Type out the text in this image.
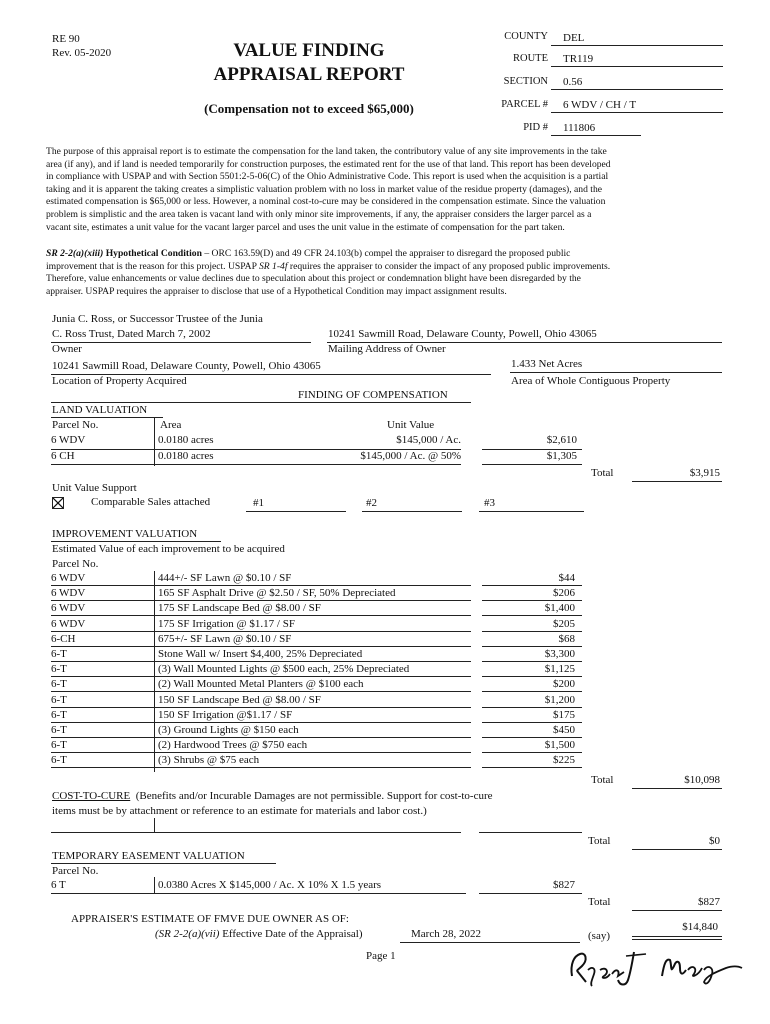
RE 90
Rev. 05-2020	VALUE FINDING
APPRAISAL REPORT
(Compensation not to exceed $65,000)
COUNTY	DEL
ROUTE	TR119
SECTION	0.56
PARCEL #	6 WDV / CH / T
PID #	111806
The purpose of this appraisal report is to estimate the compensation for the land taken, the contributory value of any site improvements in the take
area (if any), and if land is needed temporarily for construction purposes, the estimated rent for the use of that land. This report has been developed
in compliance with USPAP and with Section 5501:2-5-06(C) of the Ohio Administrative Code. This report is used when the acquisition is a partial
taking and it is apparent the taking creates a simplistic valuation problem with no loss in market value of the residue property (damages), and the
estimated compensation is $65,000 or less. However, a nominal cost-to-cure may be considered in the compensation estimate. Since the valuation
problem is simplistic and the area taken is vacant land with only minor site improvements, if any, the appraiser considers the larger parcel as a
vacant site, estimates a unit value for the vacant larger parcel and uses the unit value in the estimate of compensation for the part taken.
SR 2-2(a)(xiii) Hypothetical Condition – ORC 163.59(D) and 49 CFR 24.103(b) compel the appraiser to disregard the proposed public
improvement that is the reason for this project. USPAP SR 1-4f requires the appraiser to consider the impact of any proposed public improvements.
Therefore, value enhancements or value declines due to speculation about this project or condemnation blight have been disregarded by the
appraiser. USPAP requires the appraiser to disclose that use of a Hypothetical Condition may impact assignment results.
Junia C. Ross, or Successor Trustee of the Junia
C. Ross Trust, Dated March 7, 2002
Owner
10241 Sawmill Road, Delaware County, Powell, Ohio 43065
Mailing Address of Owner
10241 Sawmill Road, Delaware County, Powell, Ohio 43065
Location of Property Acquired
1.433 Net Acres
Area of Whole Contiguous Property
FINDING OF COMPENSATION
LAND VALUATION
Parcel No.	Area	Unit Value
6 WDV	0.0180 acres	$145,000 / Ac.	$2,610
6 CH	0.0180 acres	$145,000 / Ac. @ 50%	$1,305
Total	$3,915
Unit Value Support
Comparable Sales attached	#1	#2	#3
IMPROVEMENT VALUATION
Estimated Value of each improvement to be acquired
Parcel No.
6 WDV	444+/- SF Lawn @ $0.10 / SF	$44
6 WDV	165 SF Asphalt Drive @ $2.50 / SF, 50% Depreciated	$206
6 WDV	175 SF Landscape Bed @ $8.00 / SF	$1,400
6 WDV	175 SF Irrigation @ $1.17 / SF	$205
6-CH	675+/- SF Lawn @ $0.10 / SF	$68
6-T	Stone Wall w/ Insert $4,400, 25% Depreciated	$3,300
6-T	(3) Wall Mounted Lights @ $500 each, 25% Depreciated	$1,125
6-T	(2) Wall Mounted Metal Planters @ $100 each	$200
6-T	150 SF Landscape Bed @ $8.00 / SF	$1,200
6-T	150 SF Irrigation @$1.17 / SF	$175
6-T	(3) Ground Lights @ $150 each	$450
6-T	(2) Hardwood Trees @ $750 each	$1,500
6-T	(3) Shrubs @ $75 each	$225
Total	$10,098
COST-TO-CURE (Benefits and/or Incurable Damages are not permissible. Support for cost-to-cure
items must be by attachment or reference to an estimate for materials and labor cost.)
Total	$0
TEMPORARY EASEMENT VALUATION
Parcel No.
6 T	0.0380 Acres X $145,000 / Ac. X 10% X 1.5 years	$827
Total	$827
APPRAISER'S ESTIMATE OF FMVE DUE OWNER AS OF:
(SR 2-2(a)(vii) Effective Date of the Appraisal)	March 28, 2022	(say)
$14,840
Page 1
